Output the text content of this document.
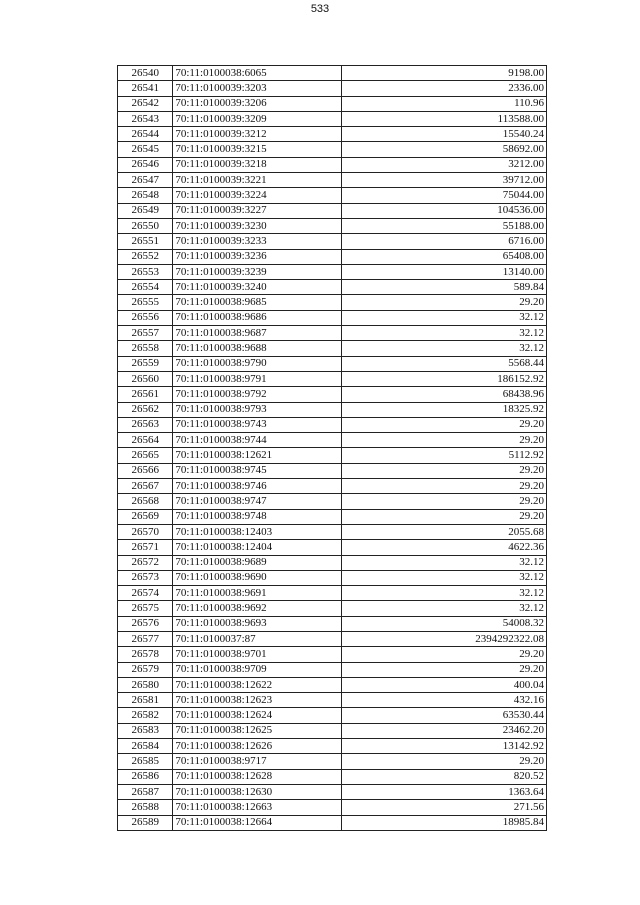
533
26540	70:11:0100038:6065	9198.00
26541	70:11:0100039:3203	2336.00
26542	70:11:0100039:3206	110.96
26543	70:11:0100039:3209	113588.00
26544	70:11:0100039:3212	15540.24
26545	70:11:0100039:3215	58692.00
26546	70:11:0100039:3218	3212.00
26547	70:11:0100039:3221	39712.00
26548	70:11:0100039:3224	75044.00
26549	70:11:0100039:3227	104536.00
26550	70:11:0100039:3230	55188.00
26551	70:11:0100039:3233	6716.00
26552	70:11:0100039:3236	65408.00
26553	70:11:0100039:3239	13140.00
26554	70:11:0100039:3240	589.84
26555	70:11:0100038:9685	29.20
26556	70:11:0100038:9686	32.12
26557	70:11:0100038:9687	32.12
26558	70:11:0100038:9688	32.12
26559	70:11:0100038:9790	5568.44
26560	70:11:0100038:9791	186152.92
26561	70:11:0100038:9792	68438.96
26562	70:11:0100038:9793	18325.92
26563	70:11:0100038:9743	29.20
26564	70:11:0100038:9744	29.20
26565	70:11:0100038:12621	5112.92
26566	70:11:0100038:9745	29.20
26567	70:11:0100038:9746	29.20
26568	70:11:0100038:9747	29.20
26569	70:11:0100038:9748	29.20
26570	70:11:0100038:12403	2055.68
26571	70:11:0100038:12404	4622.36
26572	70:11:0100038:9689	32.12
26573	70:11:0100038:9690	32.12
26574	70:11:0100038:9691	32.12
26575	70:11:0100038:9692	32.12
26576	70:11:0100038:9693	54008.32
26577	70:11:0100037:87	2394292322.08
26578	70:11:0100038:9701	29.20
26579	70:11:0100038:9709	29.20
26580	70:11:0100038:12622	400.04
26581	70:11:0100038:12623	432.16
26582	70:11:0100038:12624	63530.44
26583	70:11:0100038:12625	23462.20
26584	70:11:0100038:12626	13142.92
26585	70:11:0100038:9717	29.20
26586	70:11:0100038:12628	820.52
26587	70:11:0100038:12630	1363.64
26588	70:11:0100038:12663	271.56
26589	70:11:0100038:12664	18985.84
